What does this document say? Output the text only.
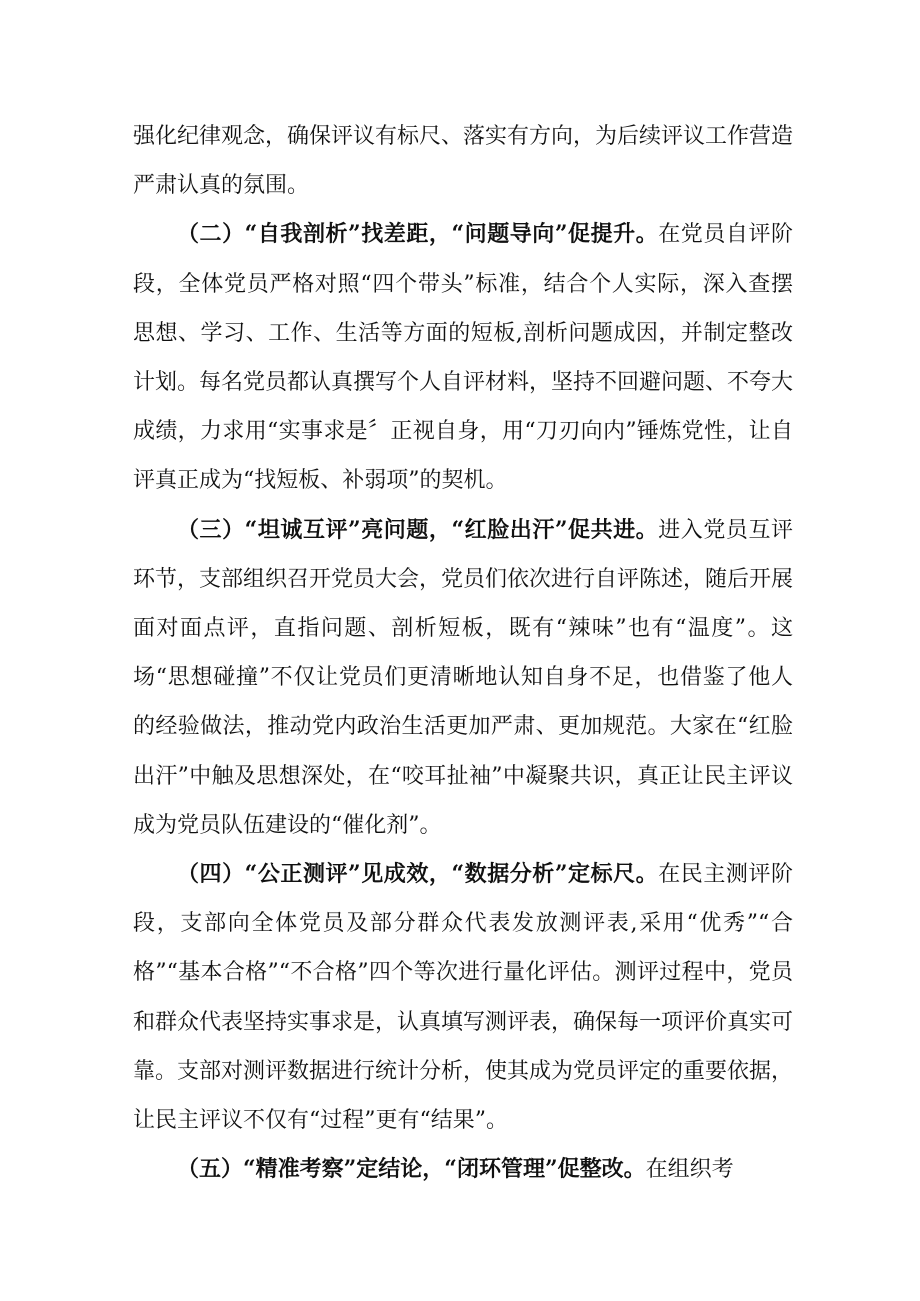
强化纪律观念，确保评议有标尺、落实有方向，为后续评议工作营造严肃认真的氛围。

（二）“自我剖析”找差距，“问题导向”促提升。在党员自评阶段，全体党员严格对照“四个带头”标准，结合个人实际，深入查摆思想、学习、工作、生活等方面的短板,剖析问题成因，并制定整改计划。每名党员都认真撰写个人自评材料，坚持不回避问题、不夸大成绩，力求用“实事求是〞正视自身，用“刀刃向内”锤炼党性，让自评真正成为“找短板、补弱项”的契机。

（三）“坦诚互评”亮问题，“红脸出汗”促共进。进入党员互评环节，支部组织召开党员大会，党员们依次进行自评陈述，随后开展面对面点评，直指问题、剖析短板，既有“辣味”也有“温度”。这场“思想碰撞”不仅让党员们更清晰地认知自身不足，也借鉴了他人的经验做法，推动党内政治生活更加严肃、更加规范。大家在“红脸出汗”中触及思想深处，在“咬耳扯袖”中凝聚共识，真正让民主评议成为党员队伍建设的“催化剂”。

（四）“公正测评”见成效，“数据分析”定标尺。在民主测评阶段，支部向全体党员及部分群众代表发放测评表,采用“优秀”“合格”“基本合格”“不合格”四个等次进行量化评估。测评过程中，党员和群众代表坚持实事求是，认真填写测评表，确保每一项评价真实可靠。支部对测评数据进行统计分析，使其成为党员评定的重要依据，让民主评议不仅有“过程”更有“结果”。

（五）“精准考察”定结论，“闭环管理”促整改。在组织考
